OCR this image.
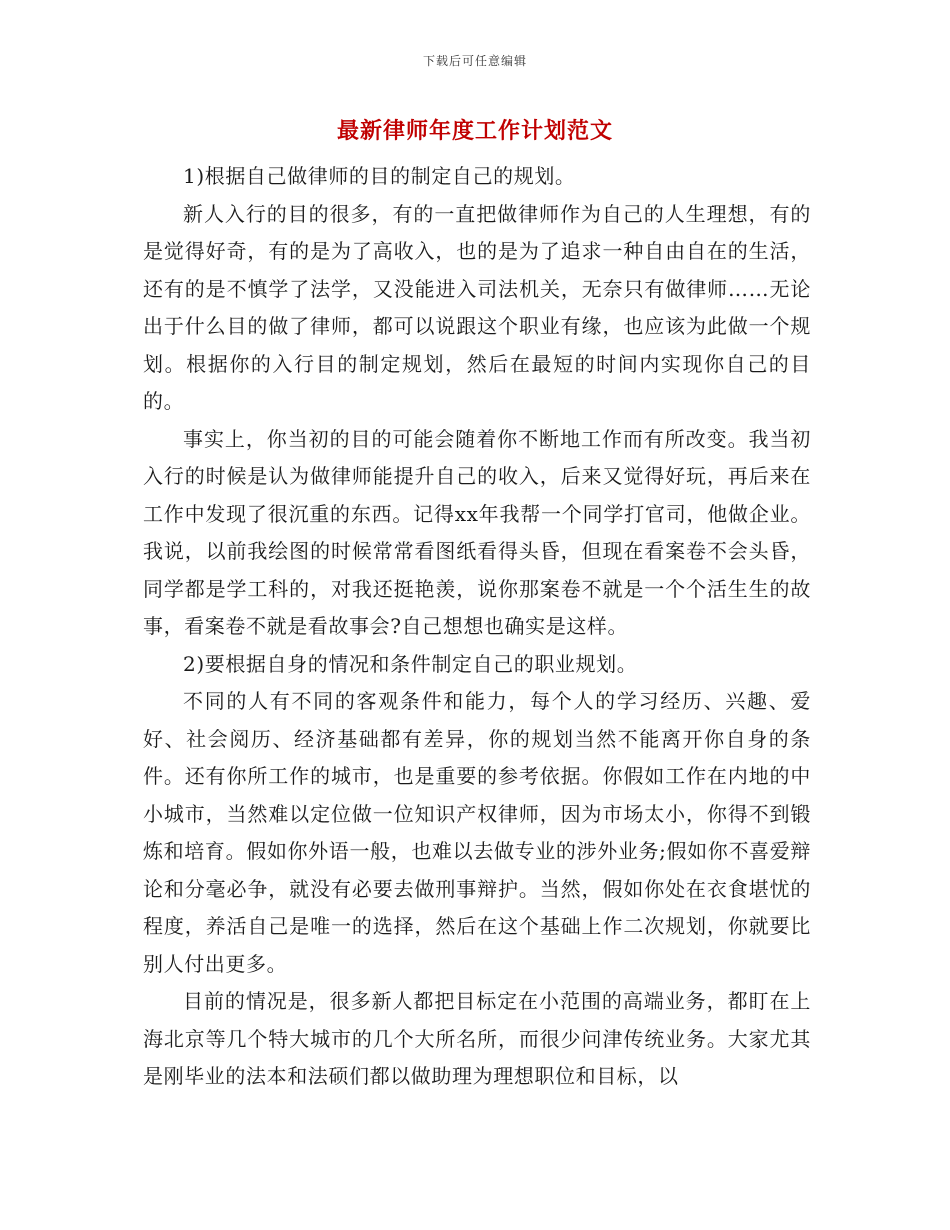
下载后可任意编辑
最新律师年度工作计划范文

1)根据自己做律师的目的制定自己的规划。

新人入行的目的很多，有的一直把做律师作为自己的人生理想，有的是觉得好奇，有的是为了高收入，也的是为了追求一种自由自在的生活，还有的是不慎学了法学，又没能进入司法机关，无奈只有做律师……无论出于什么目的做了律师，都可以说跟这个职业有缘，也应该为此做一个规划。根据你的入行目的制定规划，然后在最短的时间内实现你自己的目的。

事实上，你当初的目的可能会随着你不断地工作而有所改变。我当初入行的时候是认为做律师能提升自己的收入，后来又觉得好玩，再后来在工作中发现了很沉重的东西。记得xx年我帮一个同学打官司，他做企业。我说，以前我绘图的时候常常看图纸看得头昏，但现在看案卷不会头昏，同学都是学工科的，对我还挺艳羡，说你那案卷不就是一个个活生生的故事，看案卷不就是看故事会?自己想想也确实是这样。

2)要根据自身的情况和条件制定自己的职业规划。

不同的人有不同的客观条件和能力，每个人的学习经历、兴趣、爱好、社会阅历、经济基础都有差异，你的规划当然不能离开你自身的条件。还有你所工作的城市，也是重要的参考依据。你假如工作在内地的中小城市，当然难以定位做一位知识产权律师，因为市场太小，你得不到锻炼和培育。假如你外语一般，也难以去做专业的涉外业务;假如你不喜爱辩论和分毫必争，就没有必要去做刑事辩护。当然，假如你处在衣食堪忧的程度，养活自己是唯一的选择，然后在这个基础上作二次规划，你就要比别人付出更多。

目前的情况是，很多新人都把目标定在小范围的高端业务，都盯在上海北京等几个特大城市的几个大所名所，而很少问津传统业务。大家尤其是刚毕业的法本和法硕们都以做助理为理想职位和目标，以
